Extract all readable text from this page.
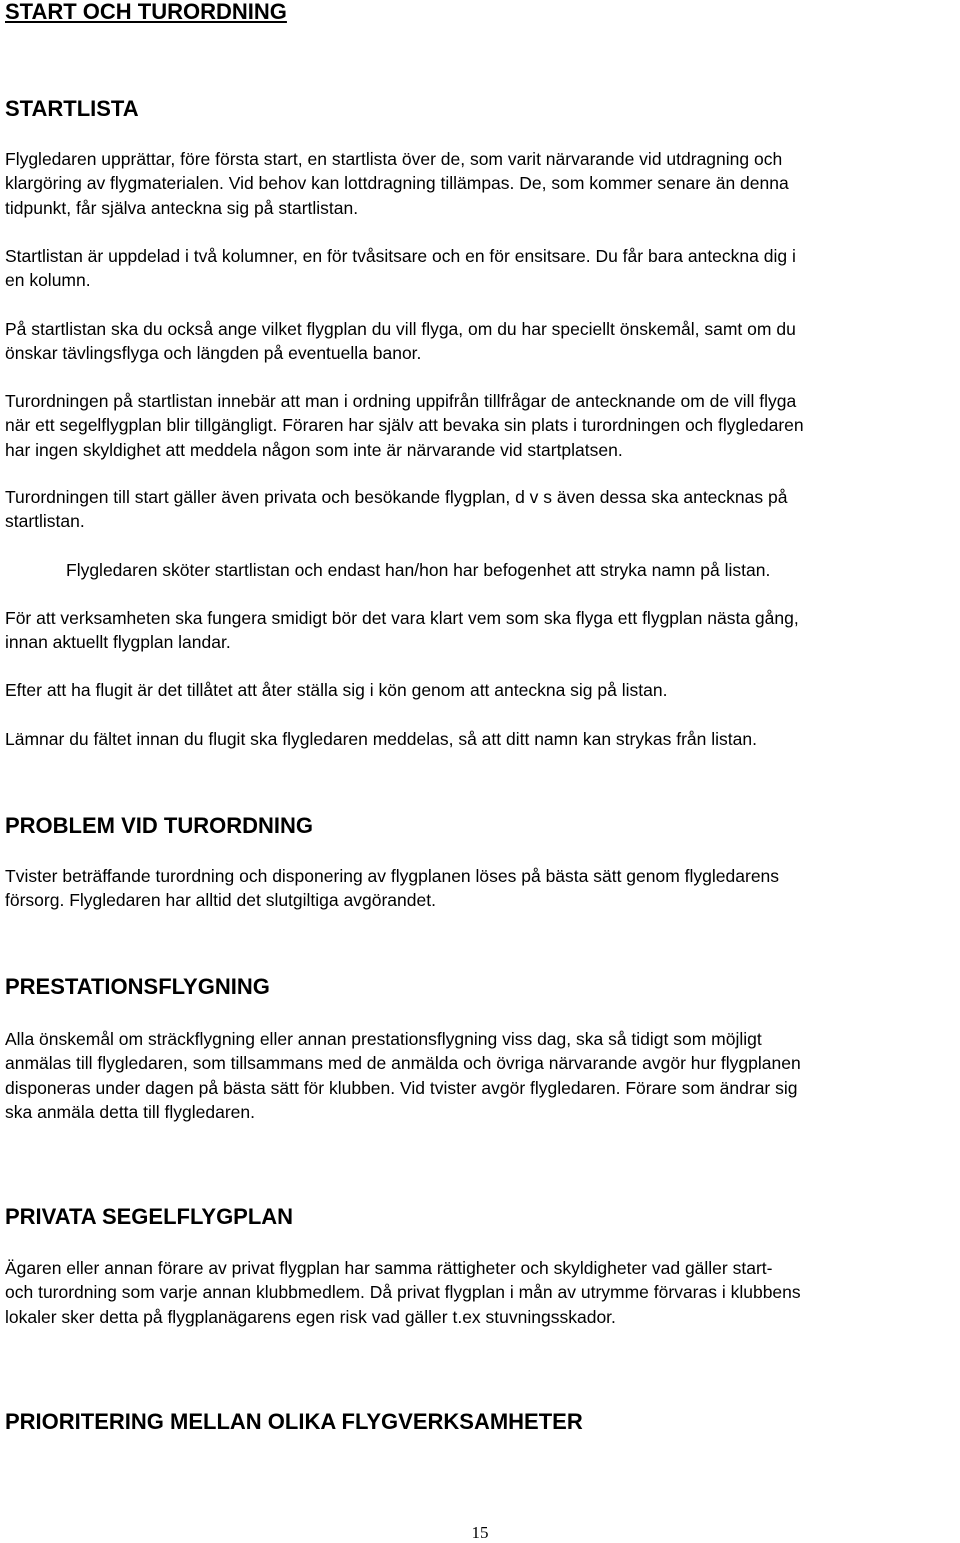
START OCH TURORDNING
STARTLISTA
Flygledaren upprättar, före första start, en startlista över de, som varit närvarande vid utdragning och
klargöring av flygmaterialen. Vid behov kan lottdragning tillämpas. De, som kommer senare än denna
tidpunkt, får själva anteckna sig på startlistan.
Startlistan är uppdelad i två kolumner, en för tvåsitsare och en för ensitsare. Du får bara anteckna dig i
en kolumn.
På startlistan ska du också ange vilket flygplan du vill flyga, om du har speciellt önskemål, samt om du
önskar tävlingsflyga och längden på eventuella banor.
Turordningen på startlistan innebär att man i ordning uppifrån tillfrågar de antecknande om de vill flyga
när ett segelflygplan blir tillgängligt. Föraren har själv att bevaka sin plats i turordningen och flygledaren
har ingen skyldighet att meddela någon som inte är närvarande vid startplatsen.
Turordningen till start gäller även privata och besökande flygplan, d v s även dessa ska antecknas på
startlistan.
Flygledaren sköter startlistan och endast han/hon har befogenhet att stryka namn på listan.
För att verksamheten ska fungera smidigt bör det vara klart vem som ska flyga ett flygplan nästa gång,
innan aktuellt flygplan landar.
Efter att ha flugit är det tillåtet att åter ställa sig i kön genom att anteckna sig på listan.
Lämnar du fältet innan du flugit ska flygledaren meddelas, så att ditt namn kan strykas från listan.
PROBLEM VID TURORDNING
Tvister beträffande turordning och disponering av flygplanen löses på bästa sätt genom flygledarens
försorg. Flygledaren har alltid det slutgiltiga avgörandet.
PRESTATIONSFLYGNING
Alla önskemål om sträckflygning eller annan prestationsflygning viss dag, ska så tidigt som möjligt
anmälas till flygledaren, som tillsammans med de anmälda och övriga närvarande avgör hur flygplanen
disponeras under dagen på bästa sätt för klubben. Vid tvister avgör flygledaren. Förare som ändrar sig
ska anmäla detta till flygledaren.
PRIVATA SEGELFLYGPLAN
Ägaren eller annan förare av privat flygplan har samma rättigheter och skyldigheter vad gäller start-
och turordning som varje annan klubbmedlem. Då privat flygplan i mån av utrymme förvaras i klubbens
lokaler sker detta på flygplanägarens egen risk vad gäller t.ex stuvningsskador.
PRIORITERING MELLAN OLIKA FLYGVERKSAMHETER
15
